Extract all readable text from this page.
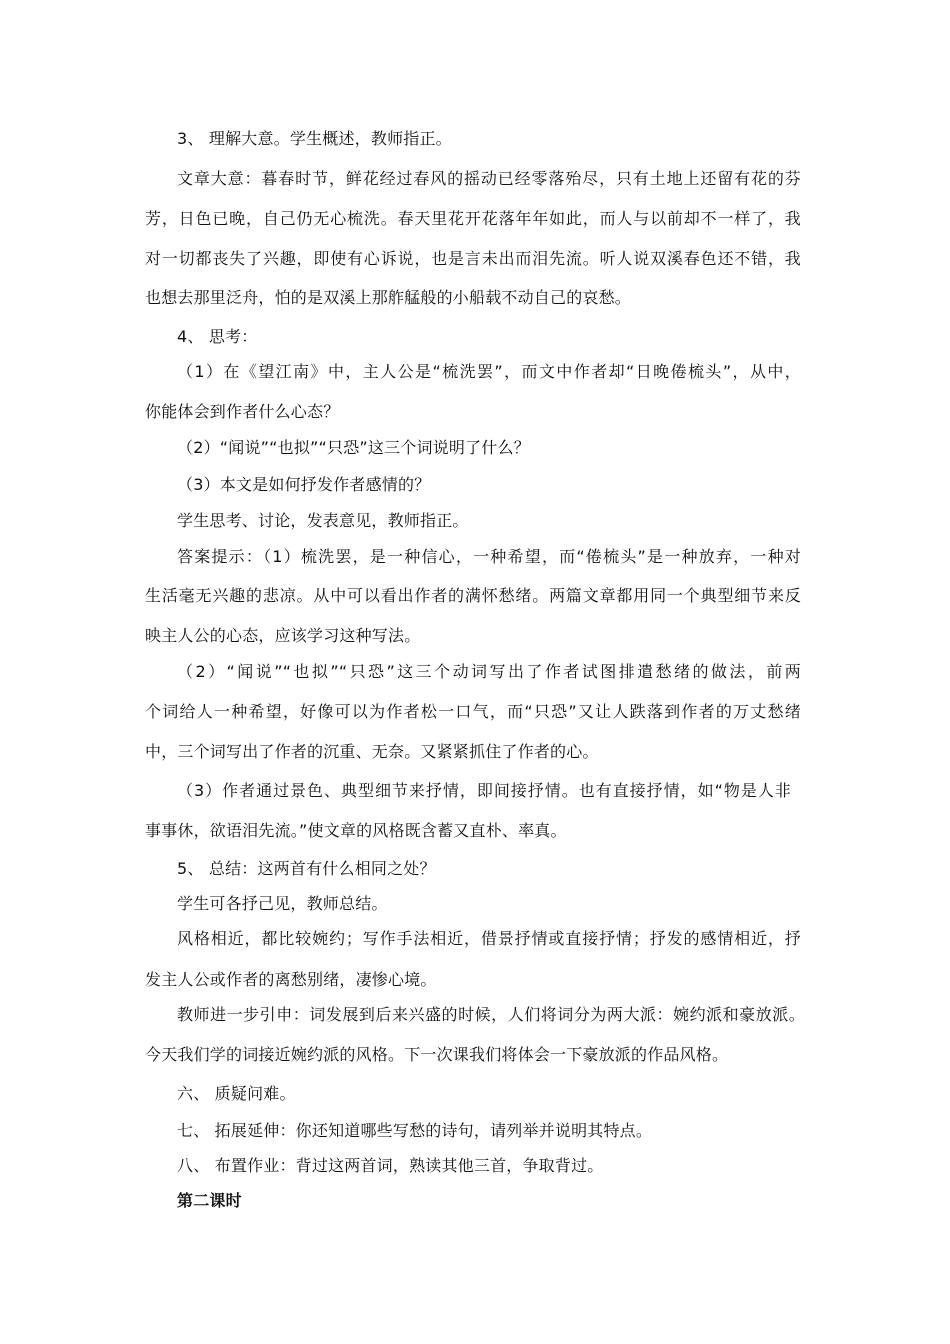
3、 理解大意。学生概述，教师指正。
文章大意：暮春时节，鲜花经过春风的摇动已经零落殆尽，只有土地上还留有花的芬
芳，日色已晚，自己仍无心梳洗。春天里花开花落年年如此，而人与以前却不一样了，我
对一切都丧失了兴趣，即使有心诉说，也是言未出而泪先流。听人说双溪春色还不错，我
也想去那里泛舟，怕的是双溪上那舴艋般的小船载不动自己的哀愁。
4、 思考：
（1）在《望江南》中，主人公是“梳洗罢”，而文中作者却“日晚倦梳头”，从中，
你能体会到作者什么心态？
（2）“闻说”“也拟”“只恐”这三个词说明了什么？
（3）本文是如何抒发作者感情的？
学生思考、讨论，发表意见，教师指正。
答案提示：（1）梳洗罢，是一种信心，一种希望，而“倦梳头”是一种放弃，一种对
生活毫无兴趣的悲凉。从中可以看出作者的满怀愁绪。两篇文章都用同一个典型细节来反
映主人公的心态，应该学习这种写法。
（2）“闻说”“也拟”“只恐”这三个动词写出了作者试图排遣愁绪的做法，前两
个词给人一种希望，好像可以为作者松一口气，而“只恐”又让人跌落到作者的万丈愁绪
中，三个词写出了作者的沉重、无奈。又紧紧抓住了作者的心。
（3）作者通过景色、典型细节来抒情，即间接抒情。也有直接抒情，如“物是人非
事事休，欲语泪先流。”使文章的风格既含蓄又直朴、率真。
5、 总结：这两首有什么相同之处？
学生可各抒己见，教师总结。
风格相近，都比较婉约；写作手法相近，借景抒情或直接抒情；抒发的感情相近，抒
发主人公或作者的离愁别绪，凄惨心境。
教师进一步引申：词发展到后来兴盛的时候，人们将词分为两大派：婉约派和豪放派。
今天我们学的词接近婉约派的风格。下一次课我们将体会一下豪放派的作品风格。
六、 质疑问难。
七、 拓展延伸：你还知道哪些写愁的诗句，请列举并说明其特点。
八、 布置作业：背过这两首词，熟读其他三首，争取背过。
第二课时
